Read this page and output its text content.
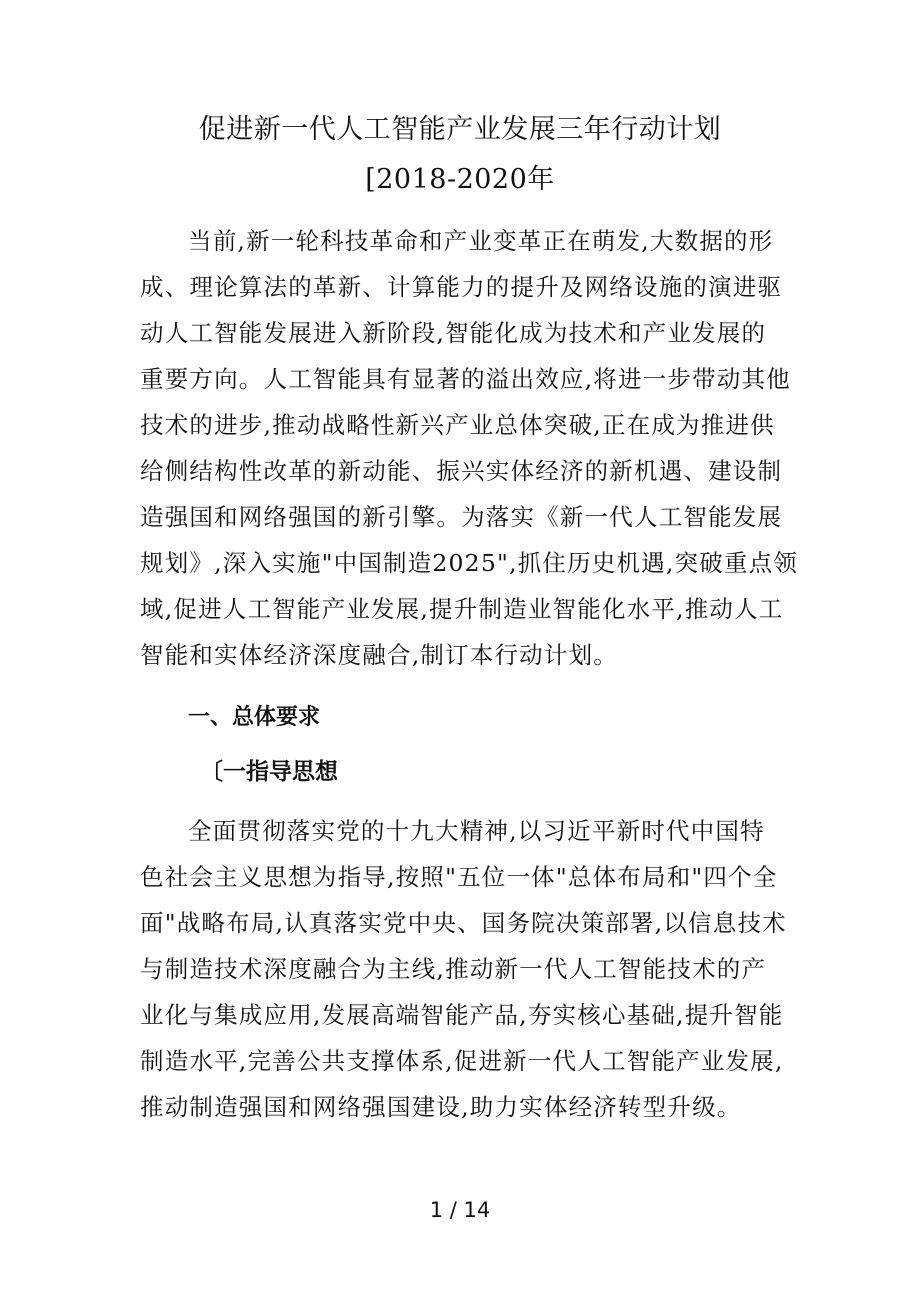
促进新一代人工智能产业发展三年行动计划
[2018-2020年
当前,新一轮科技革命和产业变革正在萌发,大数据的形
成、理论算法的革新、计算能力的提升及网络设施的演进驱
动人工智能发展进入新阶段,智能化成为技术和产业发展的
重要方向。人工智能具有显著的溢出效应,将进一步带动其他
技术的进步,推动战略性新兴产业总体突破,正在成为推进供
给侧结构性改革的新动能、振兴实体经济的新机遇、建设制
造强国和网络强国的新引擎。为落实《新一代人工智能发展
规划》,深入实施"中国制造2025",抓住历史机遇,突破重点领
域,促进人工智能产业发展,提升制造业智能化水平,推动人工
智能和实体经济深度融合,制订本行动计划。
一、总体要求
〔一指导思想
全面贯彻落实党的十九大精神,以习近平新时代中国特
色社会主义思想为指导,按照"五位一体"总体布局和"四个全
面"战略布局,认真落实党中央、国务院决策部署,以信息技术
与制造技术深度融合为主线,推动新一代人工智能技术的产
业化与集成应用,发展高端智能产品,夯实核心基础,提升智能
制造水平,完善公共支撑体系,促进新一代人工智能产业发展,
推动制造强国和网络强国建设,助力实体经济转型升级。
1 / 14
